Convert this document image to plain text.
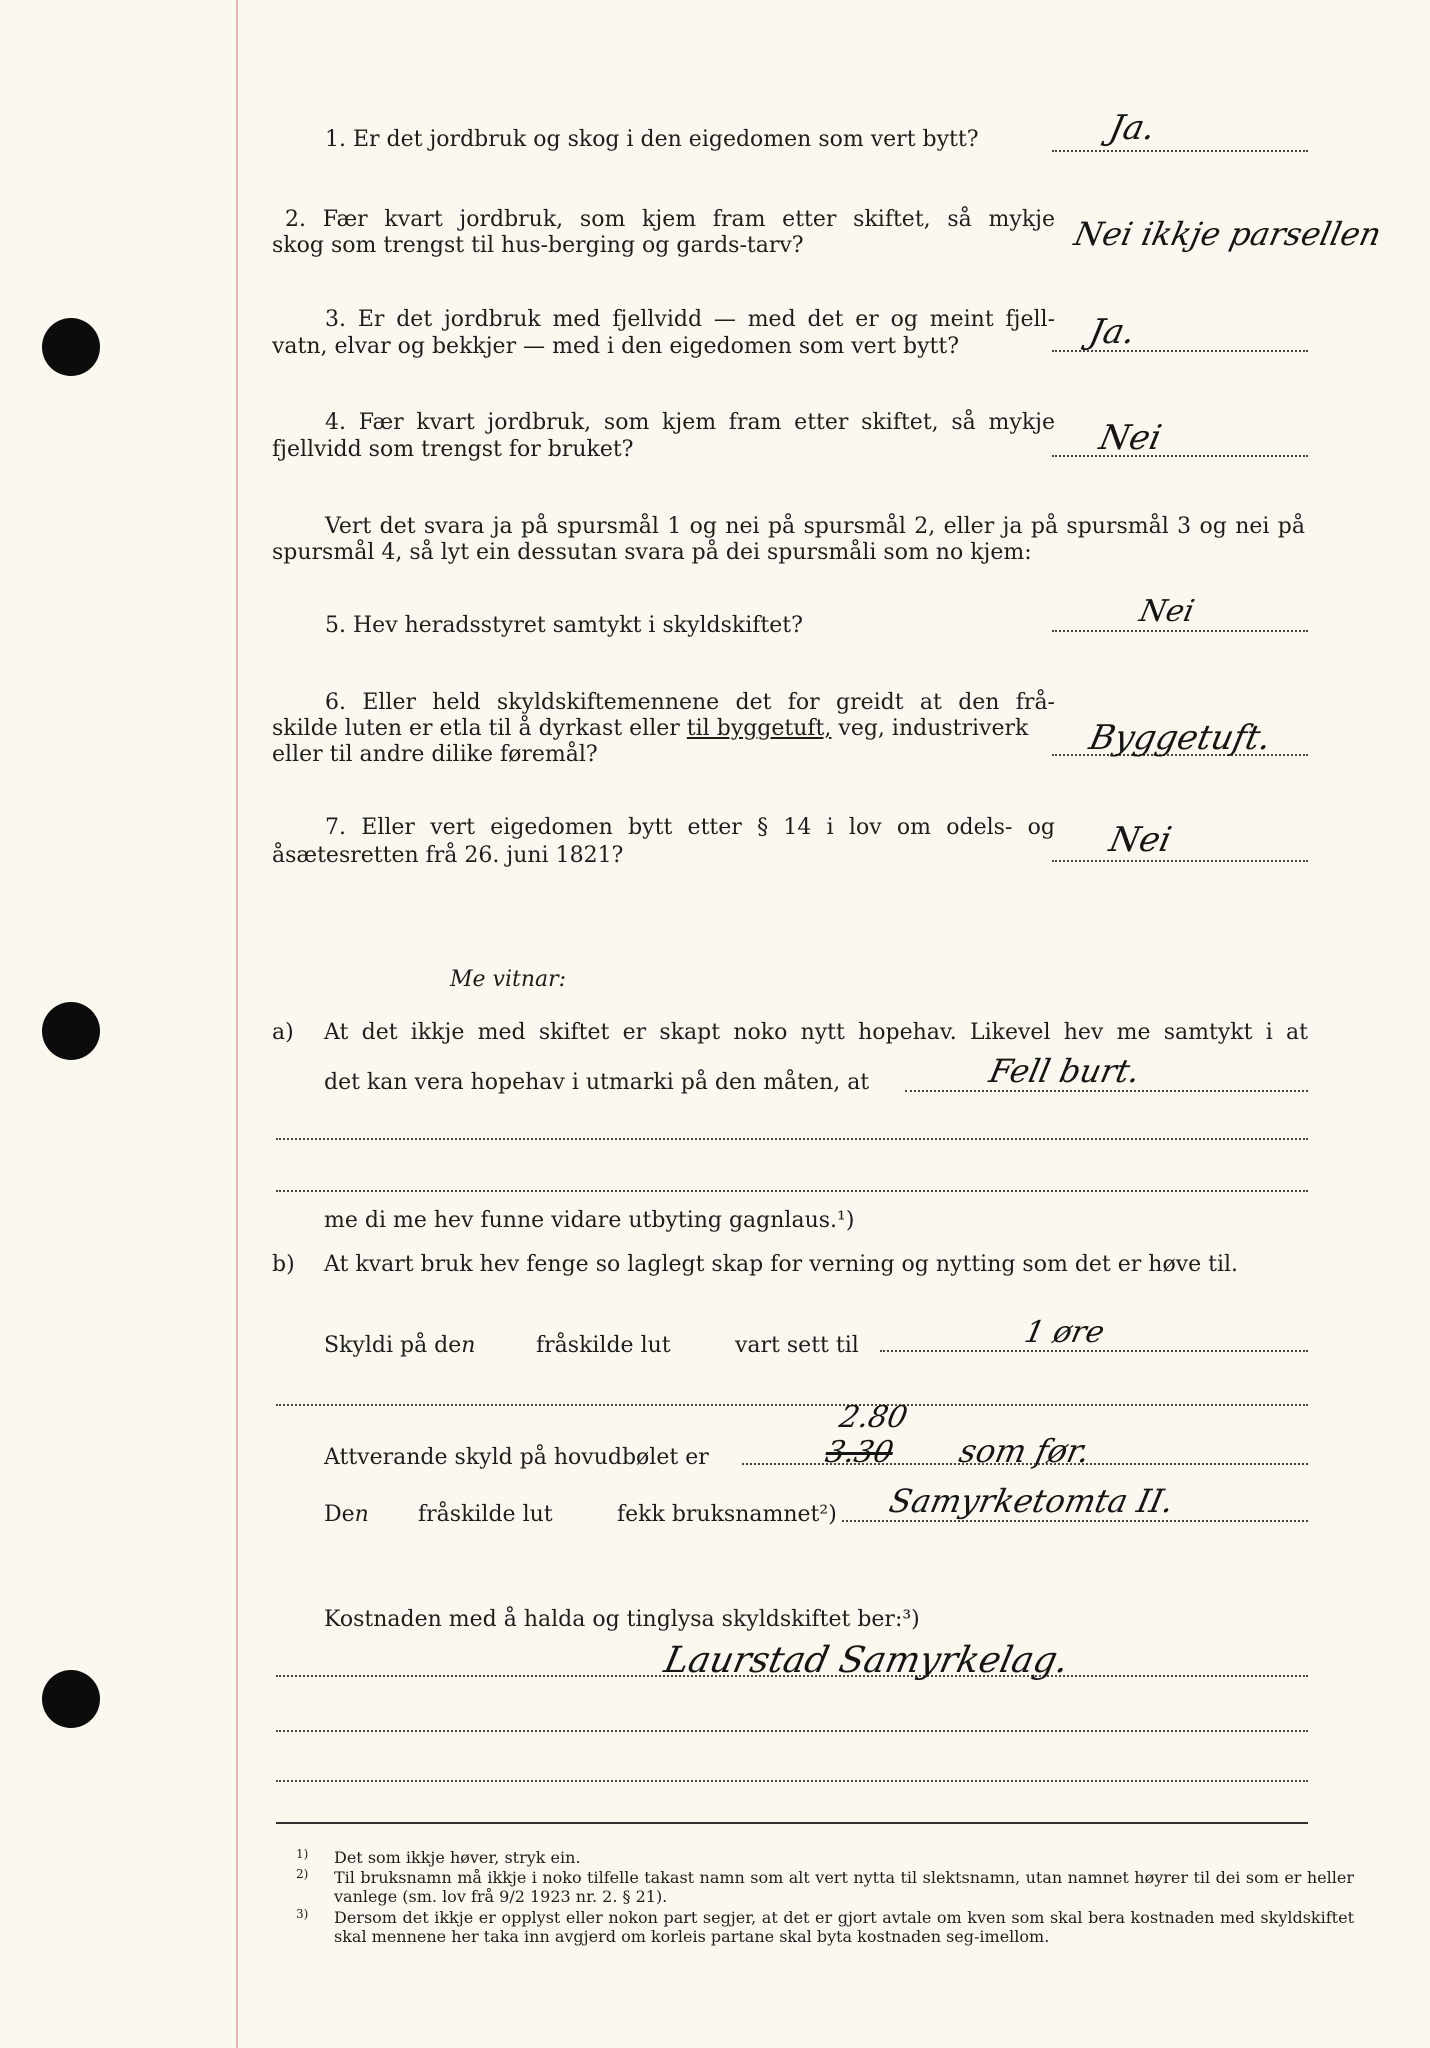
1. Er det jordbruk og skog i den eigedomen som vert bytt?	Ja.
2. Fær kvart jordbruk, som kjem fram etter skiftet, så mykje
skog som trengst til hus‐berging og gards‐tarv?	Nei ikkje parsellen
3. Er det jordbruk med fjellvidd — med det er og meint fjell‐
vatn, elvar og bekkjer — med i den eigedomen som vert bytt?	Ja.
4. Fær kvart jordbruk, som kjem fram etter skiftet, så mykje
fjellvidd som trengst for bruket?	Nei
Vert det svara ja på spursmål 1 og nei på spursmål 2, eller ja på spursmål 3 og nei på
spursmål 4, så lyt ein dessutan svara på dei spursmåli som no kjem:
5. Hev heradsstyret samtykt i skyldskiftet?	Nei
6. Eller held skyldskiftemennene det for greidt at den frå‐
skilde luten er etla til å dyrkast eller til byggetuft, veg, industriverk
eller til andre dilike føremål?	Byggetuft.
7. Eller vert eigedomen bytt etter § 14 i lov om odels‐ og
åsætesretten frå 26. juni 1821?	Nei
Me vitnar:
a) At det ikkje med skiftet er skapt noko nytt hopehav. Likevel hev me samtykt i at
det kan vera hopehav i utmarki på den måten, at	Fell burt.
me di me hev funne vidare utbyting gagnlaus.¹)
b) At kvart bruk hev fenge so laglegt skap for verning og nytting som det er høve til.
Skyldi på den	fråskilde lut	vart sett til	1 øre
Attverande skyld på hovudbølet er
2.80
3.30 som før.
Den fråskilde lut	fekk bruksnamnet²) Samyrketomta II.
Kostnaden med å halda og tinglysa skyldskiftet ber:³)
Laurstad Samyrkelag.
1) Det som ikkje høver, stryk ein.
2) Til bruksnamn må ikkje i noko tilfelle takast namn som alt vert nytta til slektsnamn, utan namnet høyrer til dei som er heller vanlege (sm. lov frå 9/2 1923 nr. 2. § 21).
3) Dersom det ikkje er opplyst eller nokon part segjer, at det er gjort avtale om kven som skal bera kostnaden med skyldskiftet skal mennene her taka inn avgjerd om korleis partane skal byta kostnaden seg‐imellom.
